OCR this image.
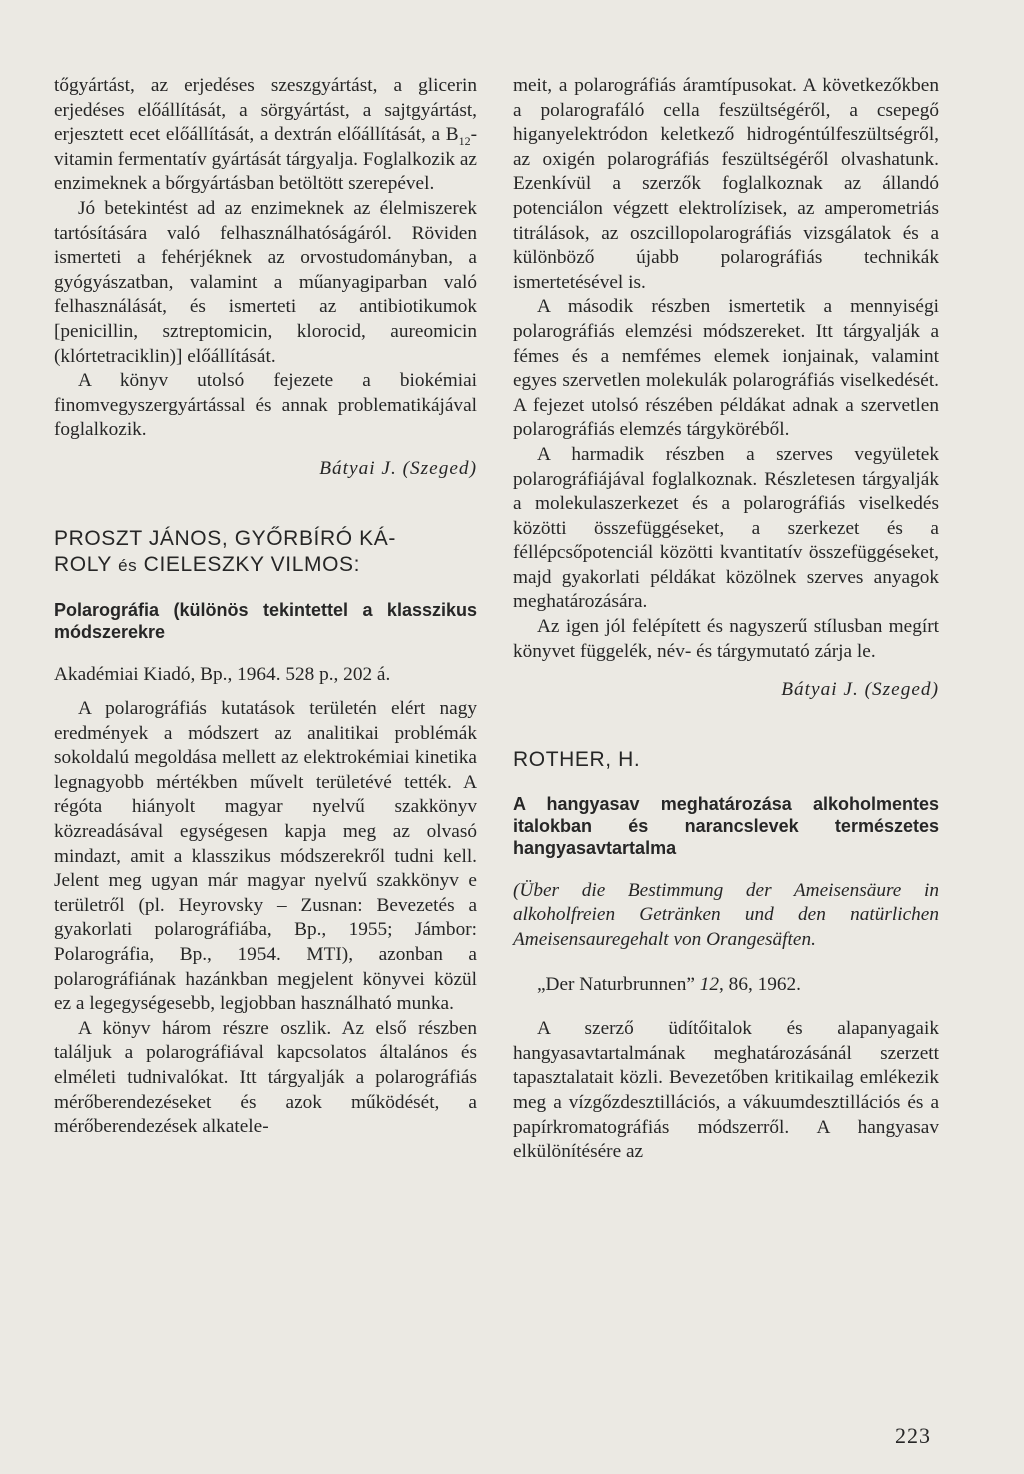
tőgyártást, az erjedéses szeszgyártást, a glicerin erjedéses előállítását, a sörgyártást, a sajtgyártást, erjesztett ecet előállítását, a dextrán előállítását, a $B_{12}$-vitamin fermentatív gyártását tárgyalja. Foglalkozik az enzimeknek a bőrgyártásban betöltött szerepével.

Jó betekintést ad az enzimeknek az élelmiszerek tartósítására való felhasználhatóságáról. Röviden ismerteti a fehérjéknek az orvostudományban, a gyógyászatban, valamint a műanyagiparban való felhasználását, és ismerteti az antibiotikumok [penicillin, sztreptomicin, klorocid, aureomicin (klórtetraciklin)] előállítását.

A könyv utolsó fejezete a biokémiai finomvegyszergyártással és annak problematikájával foglalkozik.

Bátyai J. (Szeged)

PROSZT JÁNOS, GYŐRBÍRÓ KÁ-
ROLY és CIELESZKY VILMOS:

Polarográfia (különös tekintettel a klasszikus módszerekre

Akadémiai Kiadó, Bp., 1964. 528 p., 202 á.

A polarográfiás kutatások területén elért nagy eredmények a módszert az analitikai problémák sokoldalú megoldása mellett az elektrokémiai kinetika legnagyobb mértékben művelt területévé tették. A régóta hiányolt magyar nyelvű szakkönyv közreadásával egységesen kapja meg az olvasó mindazt, amit a klasszikus módszerekről tudni kell. Jelent meg ugyan már magyar nyelvű szakkönyv e területről (pl. Heyrovsky – Zusnan: Bevezetés a gyakorlati polarográfiába, Bp., 1955; Jámbor: Polarográfia, Bp., 1954. MTI), azonban a polarográfiának hazánkban megjelent könyvei közül ez a legegységesebb, legjobban használható munka.

A könyv három részre oszlik. Az első részben találjuk a polarográfiával kapcsolatos általános és elméleti tudnivalókat. Itt tárgyalják a polarográfiás mérőberendezéseket és azok működését, a mérőberendezések alkatele-

meit, a polarográfiás áramtípusokat. A következőkben a polarografáló cella feszültségéről, a csepegő higanyelektródon keletkező hidrogéntúlfeszültségről, az oxigén polarográfiás feszültségéről olvashatunk. Ezenkívül a szerzők foglalkoznak az állandó potenciálon végzett elektrolízisek, az amperometriás titrálások, az oszcillopolarográfiás vizsgálatok és a különböző újabb polarográfiás technikák ismertetésével is.

A második részben ismertetik a mennyiségi polarográfiás elemzési módszereket. Itt tárgyalják a fémes és a nemfémes elemek ionjainak, valamint egyes szervetlen molekulák polarográfiás viselkedését. A fejezet utolsó részében példákat adnak a szervetlen polarográfiás elemzés tárgyköréből.

A harmadik részben a szerves vegyületek polarográfiájával foglalkoznak. Részletesen tárgyalják a molekulaszerkezet és a polarográfiás viselkedés közötti összefüggéseket, a szerkezet és a féllépcsőpotenciál közötti kvantitatív összefüggéseket, majd gyakorlati példákat közölnek szerves anyagok meghatározására.

Az igen jól felépített és nagyszerű stílusban megírt könyvet függelék, név- és tárgymutató zárja le.

Bátyai J. (Szeged)

ROTHER, H.

A hangyasav meghatározása alkoholmentes italokban és narancslevek természetes hangyasavtartalma

(Über die Bestimmung der Ameisensäure in alkoholfreien Getränken und den natürlichen Ameisensauregehalt von Orangesäften.

„Der Naturbrunnen” 12, 86, 1962.

A szerző üdítőitalok és alapanyagaik hangyasavtartalmának meghatározásánál szerzett tapasztalatait közli. Bevezetőben kritikailag emlékezik meg a vízgőzdesztillációs, a vákuumdesztillációs és a papírkromatográfiás módszerről. A hangyasav elkülönítésére az

223
